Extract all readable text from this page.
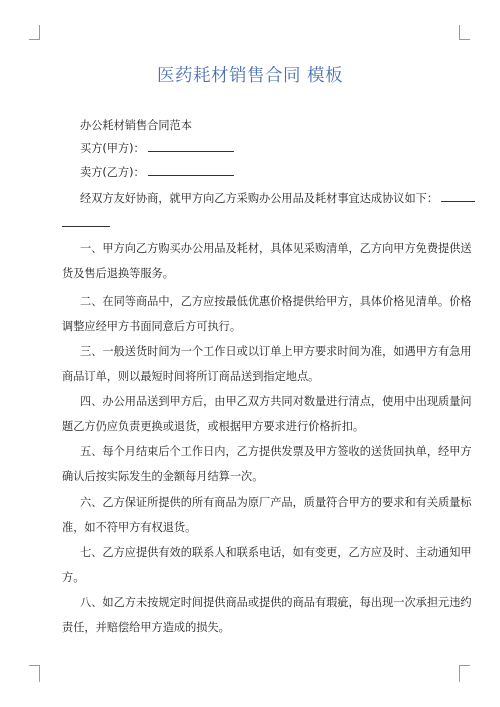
医药耗材销售合同 模板
办公耗材销售合同范本
买方(甲方)：
卖方(乙方)：
经双方友好协商，就甲方向乙方采购办公用品及耗材事宜达成协议如下：
一、甲方向乙方购买办公用品及耗材，具体见采购清单，乙方向甲方免费提供送
货及售后退换等服务。
二、在同等商品中，乙方应按最低优惠价格提供给甲方，具体价格见清单。价格
调整应经甲方书面同意后方可执行。
三、一般送货时间为一个工作日或以订单上甲方要求时间为准，如遇甲方有急用
商品订单，则以最短时间将所订商品送到指定地点。
四、办公用品送到甲方后，由甲乙双方共同对数量进行清点，使用中出现质量问
题乙方仍应负责更换或退货，或根据甲方要求进行价格折扣。
五、每个月结束后个工作日内，乙方提供发票及甲方签收的送货回执单，经甲方
确认后按实际发生的金额每月结算一次。
六、乙方保证所提供的所有商品为原厂产品，质量符合甲方的要求和有关质量标
准，如不符甲方有权退货。
七、乙方应提供有效的联系人和联系电话，如有变更，乙方应及时、主动通知甲
方。
八、如乙方未按规定时间提供商品或提供的商品有瑕疵，每出现一次承担元违约
责任，并赔偿给甲方造成的损失。
